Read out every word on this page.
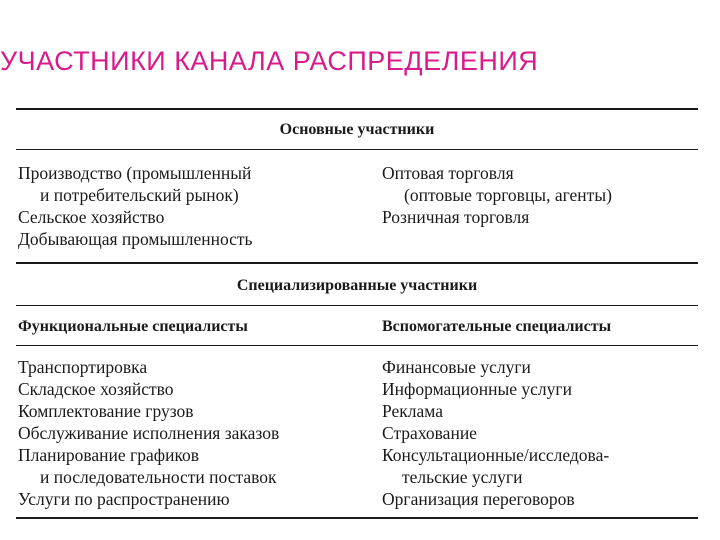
УЧАСТНИКИ КАНАЛА РАСПРЕДЕЛЕНИЯ
Основные участники
Производство (промышленный
и потребительский рынок)
Сельское хозяйство
Добывающая промышленность
Оптовая торговля
(оптовые торговцы, агенты)
Розничная торговля
Специализированные участники
Функциональные специалисты	Вспомогательные специалисты
Транспортировка
Складское хозяйство
Комплектование грузов
Обслуживание исполнения заказов
Планирование графиков
и последовательности поставок
Услуги по распространению
Финансовые услуги
Информационные услуги
Реклама
Страхование
Консультационные/исследова-
тельские услуги
Организация переговоров
